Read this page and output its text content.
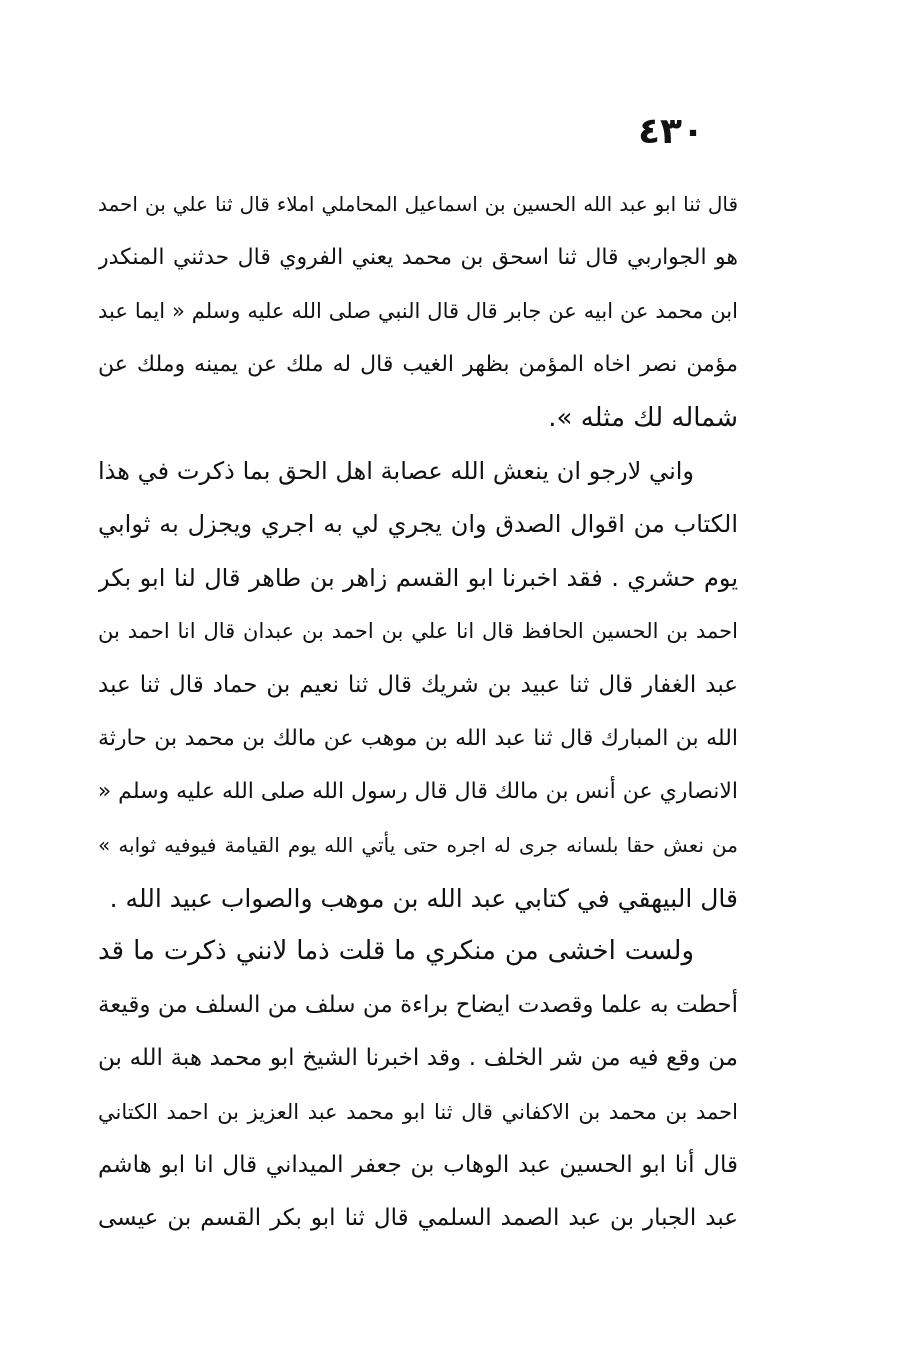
٤٣٠
قال ثنا ابو عبد الله الحسين بن اسماعيل المحاملي املاء قال ثنا علي بن احمد
هو الجواربي قال ثنا اسحق بن محمد يعني الفروي قال حدثني المنكدر
ابن محمد عن ابيه عن جابر قال قال النبي صلى الله عليه وسلم « ايما عبد
مؤمن نصر اخاه المؤمن بظهر الغيب قال له ملك عن يمينه وملك عن
شماله لك مثله ».
واني لارجو ان ينعش الله عصابة اهل الحق بما ذكرت في هذا
الكتاب من اقوال الصدق وان يجري لي به اجري ويجزل به ثوابي
يوم حشري . فقد اخبرنا ابو القسم زاهر بن طاهر قال لنا ابو بكر
احمد بن الحسين الحافظ قال انا علي بن احمد بن عبدان قال انا احمد بن
عبد الغفار قال ثنا عبيد بن شريك قال ثنا نعيم بن حماد قال ثنا عبد
الله بن المبارك قال ثنا عبد الله بن موهب عن مالك بن محمد بن حارثة
الانصاري عن أنس بن مالك قال قال رسول الله صلى الله عليه وسلم «
من نعش حقا بلسانه جرى له اجره حتى يأتي الله يوم القيامة فيوفيه ثوابه »
قال البيهقي في كتابي عبد الله بن موهب والصواب عبيد الله .
ولست اخشى من منكري ما قلت ذما لانني ذكرت ما قد
أحطت به علما وقصدت ايضاح براءة من سلف من السلف من وقيعة
من وقع فيه من شر الخلف . وقد اخبرنا الشيخ ابو محمد هبة الله بن
احمد بن محمد بن الاكفاني قال ثنا ابو محمد عبد العزيز بن احمد الكتاني
قال أنا ابو الحسين عبد الوهاب بن جعفر الميداني قال انا ابو هاشم
عبد الجبار بن عبد الصمد السلمي قال ثنا ابو بكر القسم بن عيسى
